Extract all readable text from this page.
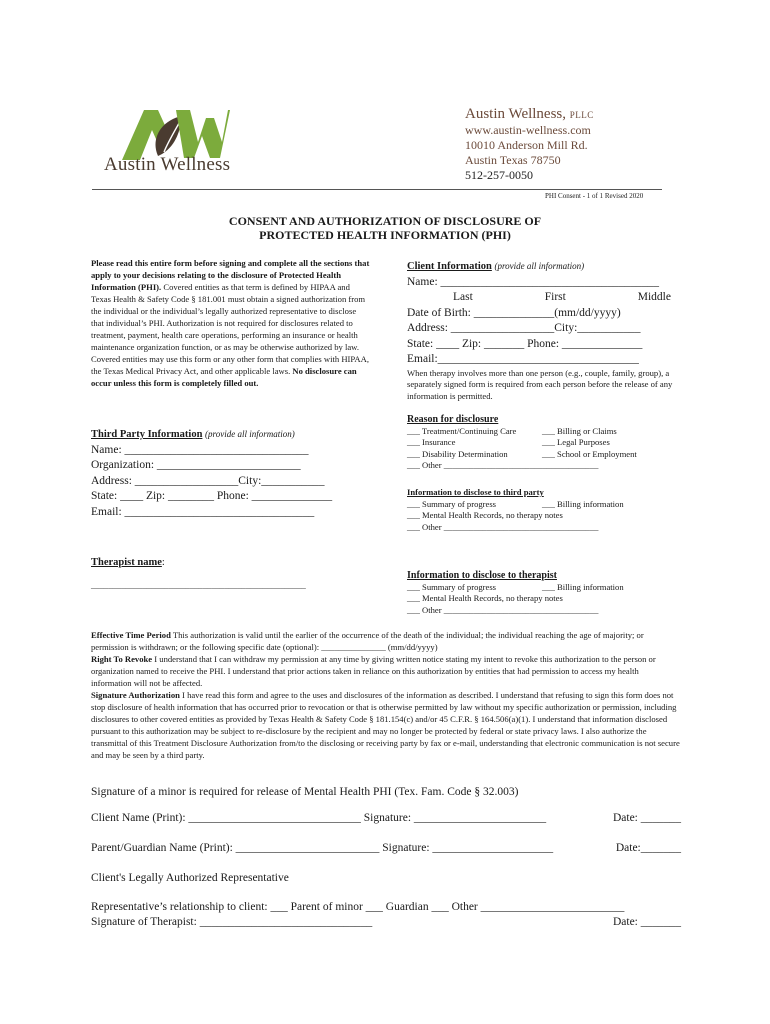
Austin Wellness
Austin Wellness, PLLC
www.austin-wellness.com
10010 Anderson Mill Rd.
Austin Texas 78750
512-257-0050
PHI Consent - 1 of 1 Revised 2020
CONSENT AND AUTHORIZATION OF DISCLOSURE OF
PROTECTED HEALTH INFORMATION (PHI)
Please read this entire form before signing and complete all the sections that apply to your decisions relating to the disclosure of Protected Health Information (PHI). Covered entities as that term is defined by HIPAA and Texas Health & Safety Code § 181.001 must obtain a signed authorization from the individual or the individual’s legally authorized representative to disclose that individual’s PHI. Authorization is not required for disclosures related to treatment, payment, health care operations, performing an insurance or health maintenance organization function, or as may be otherwise authorized by law. Covered entities may use this form or any other form that complies with HIPAA, the Texas Medical Privacy Act, and other applicable laws. No disclosure can occur unless this form is completely filled out.
Client Information (provide all information)
Name: ______________________________________
Last	First	Middle
Date of Birth: ______________(mm/dd/yyyy)
Address: __________________City:___________
State: ____ Zip: _______ Phone: ______________
Email:___________________________________
When therapy involves more than one person (e.g., couple, family, group), a separately signed form is required from each person before the release of any information is permitted.
Third Party Information (provide all information)
Name: ________________________________
Organization: _________________________
Address: __________________City:___________
State: ____ Zip: ________ Phone: ______________
Email: _________________________________
Therapist name:
__________________________________________________
Reason for disclosure
___ Treatment/Continuing Care	___ Billing or Claims
___ Insurance	___ Legal Purposes
___ Disability Determination	___ School or Employment
___ Other ____________________________________
Information to disclose to third party
___ Summary of progress	___ Billing information
___ Mental Health Records, no therapy notes
___ Other ____________________________________
Information to disclose to therapist
___ Summary of progress	___ Billing information
___ Mental Health Records, no therapy notes
___ Other ____________________________________
Effective Time Period This authorization is valid until the earlier of the occurrence of the death of the individual; the individual reaching the age of majority; or permission is withdrawn; or the following specific date (optional): _______________ (mm/dd/yyyy)
Right To Revoke I understand that I can withdraw my permission at any time by giving written notice stating my intent to revoke this authorization to the person or organization named to receive the PHI. I understand that prior actions taken in reliance on this authorization by entities that had permission to access my health information will not be affected.
Signature Authorization I have read this form and agree to the uses and disclosures of the information as described. I understand that refusing to sign this form does not stop disclosure of health information that has occurred prior to revocation or that is otherwise permitted by law without my specific authorization or permission, including disclosures to other covered entities as provided by Texas Health & Safety Code § 181.154(c) and/or 45 C.F.R. § 164.506(a)(1). I understand that information disclosed pursuant to this authorization may be subject to re-disclosure by the recipient and may no longer be protected by federal or state privacy laws. I also authorize the transmittal of this Treatment Disclosure Authorization from/to the disclosing or receiving party by fax or e-mail, understanding that electronic communication is not secure and may be seen by a third party.
Signature of a minor is required for release of Mental Health PHI (Tex. Fam. Code § 32.003)
Client Name (Print): ______________________________ Signature: _______________________	Date: _______
Parent/Guardian Name (Print): _________________________ Signature: _____________________	Date:_______
Client's Legally Authorized Representative
Representative’s relationship to client: ___ Parent of minor ___ Guardian ___ Other _________________________
Signature of Therapist: ______________________________	Date: _______
